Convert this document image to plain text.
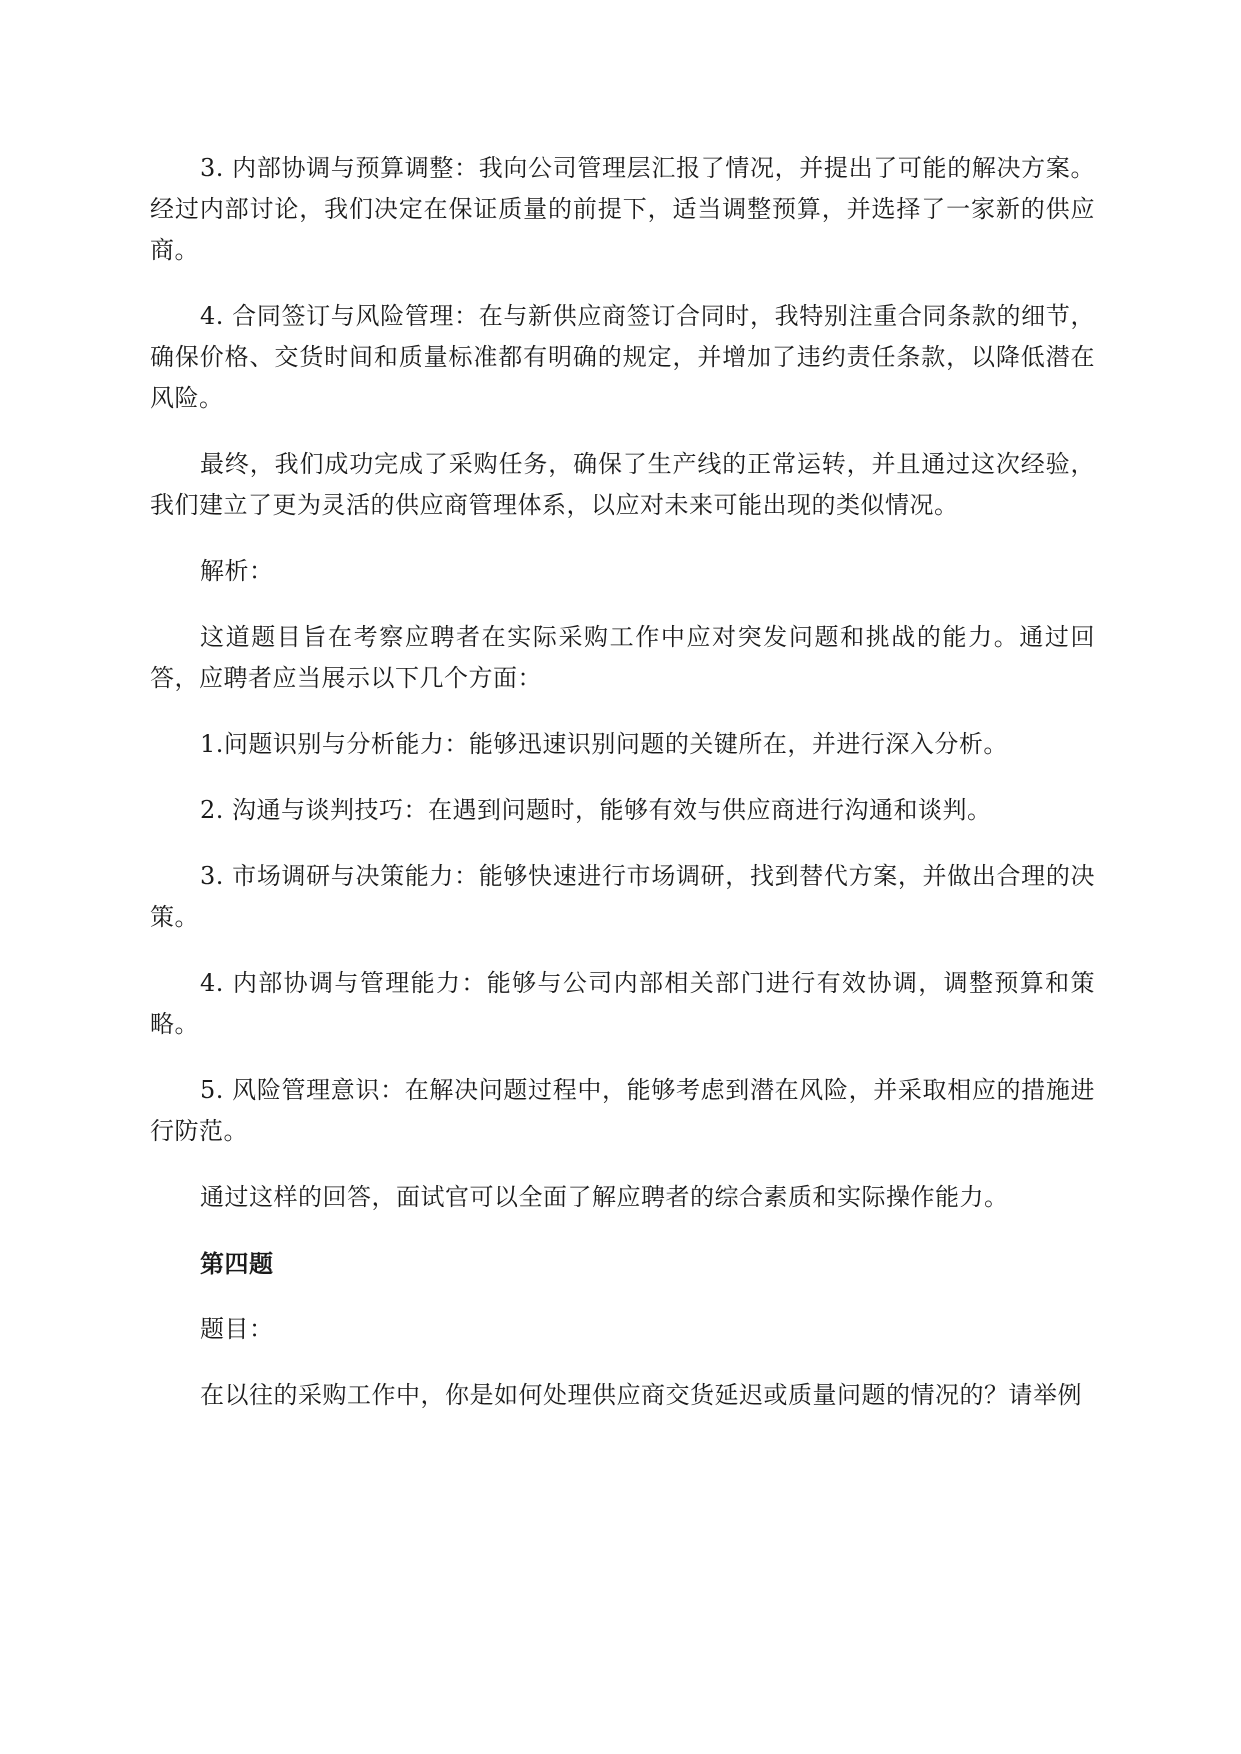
3. 内部协调与预算调整：我向公司管理层汇报了情况，并提出了可能的解决方案。经过内部讨论，我们决定在保证质量的前提下，适当调整预算，并选择了一家新的供应商。

4. 合同签订与风险管理：在与新供应商签订合同时，我特别注重合同条款的细节，确保价格、交货时间和质量标准都有明确的规定，并增加了违约责任条款，以降低潜在风险。

最终，我们成功完成了采购任务，确保了生产线的正常运转，并且通过这次经验，我们建立了更为灵活的供应商管理体系，以应对未来可能出现的类似情况。

解析：

这道题目旨在考察应聘者在实际采购工作中应对突发问题和挑战的能力。通过回答，应聘者应当展示以下几个方面：

1.问题识别与分析能力：能够迅速识别问题的关键所在，并进行深入分析。

2. 沟通与谈判技巧：在遇到问题时，能够有效与供应商进行沟通和谈判。

3. 市场调研与决策能力：能够快速进行市场调研，找到替代方案，并做出合理的决策。

4. 内部协调与管理能力：能够与公司内部相关部门进行有效协调，调整预算和策略。

5. 风险管理意识：在解决问题过程中，能够考虑到潜在风险，并采取相应的措施进行防范。

通过这样的回答，面试官可以全面了解应聘者的综合素质和实际操作能力。

第四题

题目：

在以往的采购工作中，你是如何处理供应商交货延迟或质量问题的情况的？请举例
